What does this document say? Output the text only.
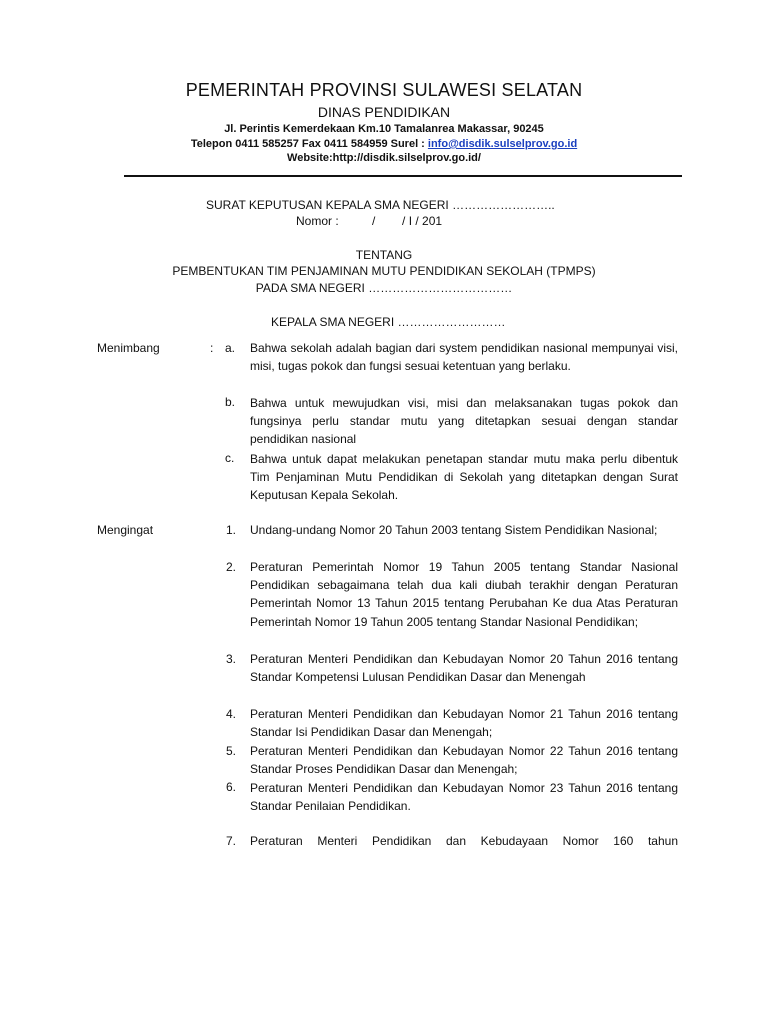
PEMERINTAH PROVINSI SULAWESI SELATAN
DINAS PENDIDIKAN
Jl. Perintis Kemerdekaan Km.10 Tamalanrea Makassar, 90245
Telepon 0411 585257 Fax 0411 584959 Surel : info@disdik.sulselprov.go.id
Website:http://disdik.silselprov.go.id/
SURAT KEPUTUSAN KEPALA SMA NEGERI ……………………..
Nomor :          /        / I / 201
TENTANG
PEMBENTUKAN TIM PENJAMINAN MUTU PENDIDIKAN SEKOLAH (TPMPS)
PADA SMA NEGERI ………………………………
KEPALA SMA NEGERI ………………………
Menimbang	: a. Bahwa sekolah adalah bagian dari system pendidikan nasional mempunyai visi, misi, tugas pokok dan fungsi sesuai ketentuan yang berlaku.
b. Bahwa untuk mewujudkan visi, misi dan melaksanakan tugas pokok dan fungsinya perlu standar mutu yang ditetapkan sesuai dengan standar pendidikan nasional
c. Bahwa untuk dapat melakukan penetapan standar mutu maka perlu dibentuk Tim Penjaminan Mutu Pendidikan di Sekolah yang ditetapkan dengan Surat Keputusan Kepala Sekolah.
Mengingat	1. Undang-undang Nomor 20 Tahun 2003 tentang Sistem Pendidikan Nasional;
2. Peraturan Pemerintah Nomor 19 Tahun 2005 tentang Standar Nasional Pendidikan sebagaimana telah dua kali diubah terakhir dengan Peraturan Pemerintah Nomor 13 Tahun 2015 tentang Perubahan Ke dua Atas Peraturan Pemerintah Nomor 19 Tahun 2005 tentang Standar Nasional Pendidikan;
3. Peraturan Menteri Pendidikan dan Kebudayan Nomor 20 Tahun 2016 tentang Standar Kompetensi Lulusan Pendidikan Dasar dan Menengah
4. Peraturan Menteri Pendidikan dan Kebudayan Nomor 21 Tahun 2016 tentang Standar Isi Pendidikan Dasar dan Menengah;
5. Peraturan Menteri Pendidikan dan Kebudayan Nomor 22 Tahun 2016 tentang Standar Proses Pendidikan Dasar dan Menengah;
6. Peraturan Menteri Pendidikan dan Kebudayan Nomor 23 Tahun 2016 tentang Standar Penilaian Pendidikan.
7. Peraturan Menteri Pendidikan dan Kebudayaan Nomor 160 tahun
